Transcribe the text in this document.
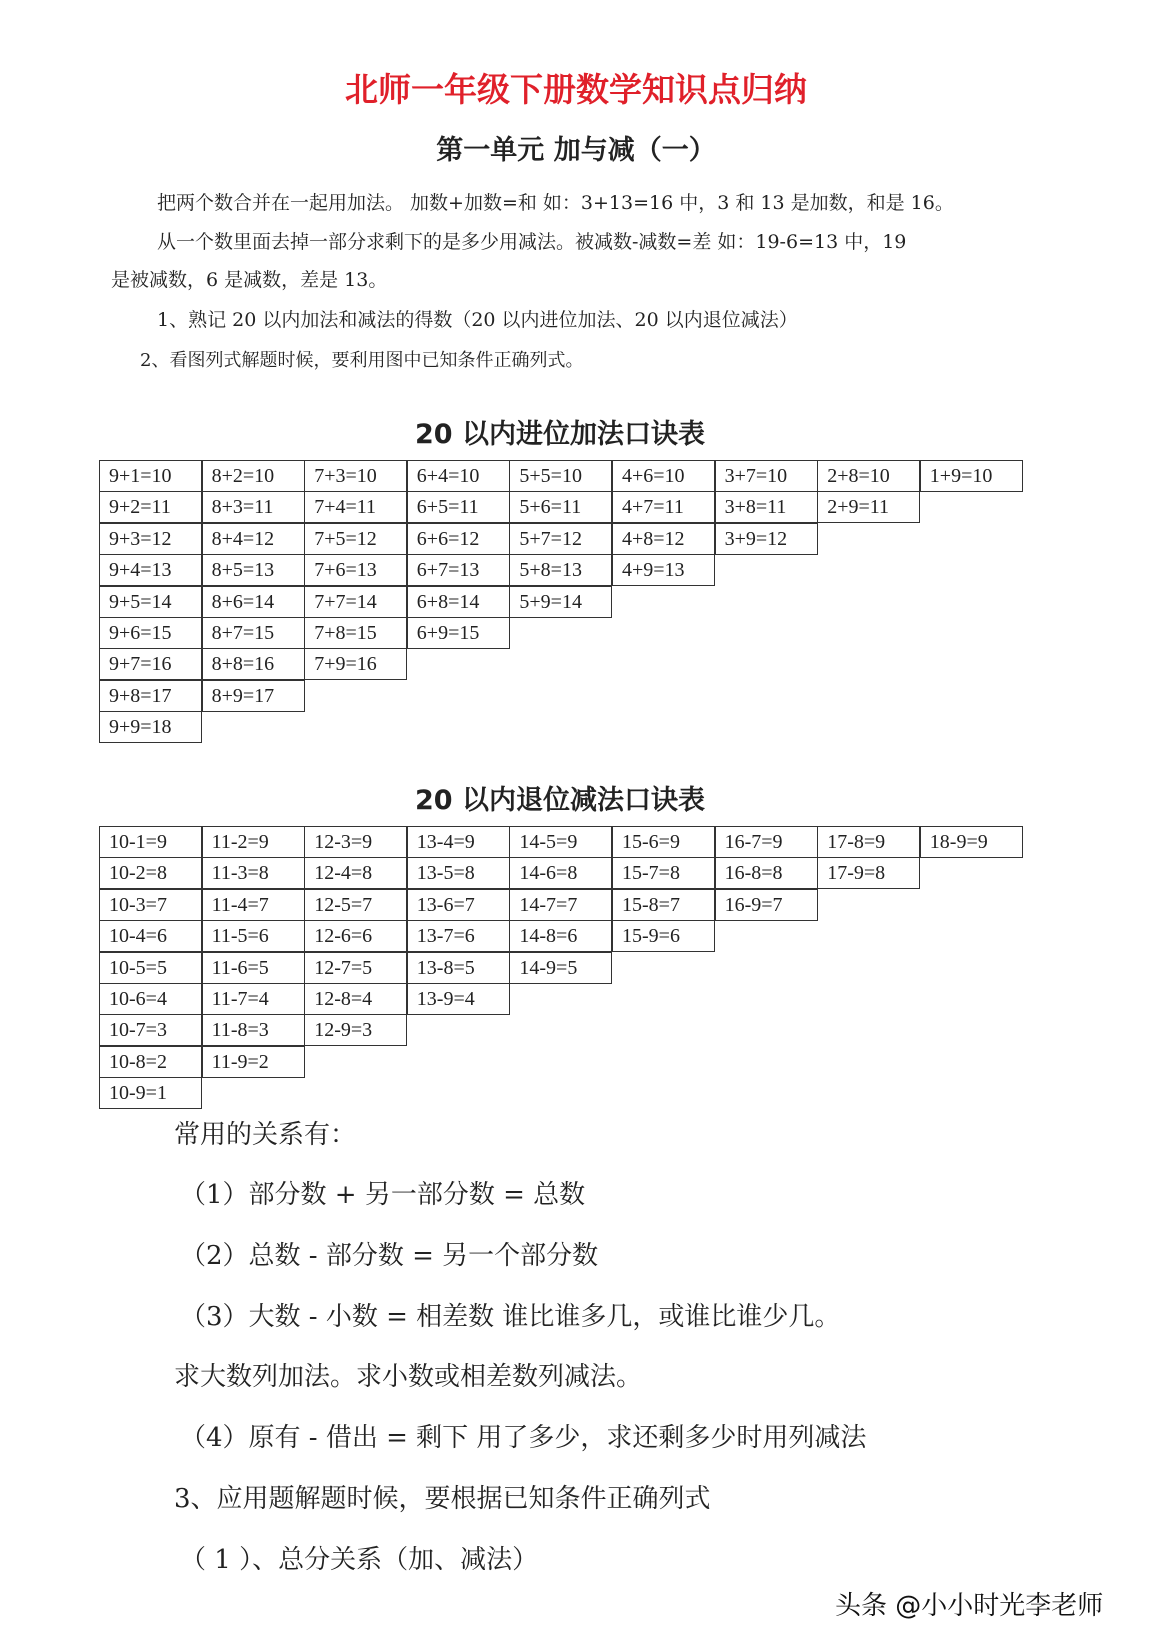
北师一年级下册数学知识点归纳
第一单元 加与减（一）
把两个数合并在一起用加法。 加数+加数=和 如：3+13=16 中，3 和 13 是加数，和是 16。
从一个数里面去掉一部分求剩下的是多少用减法。被减数-减数=差 如：19-6=13 中，19
是被减数，6 是减数，差是 13。
1、熟记 20 以内加法和减法的得数（20 以内进位加法、20 以内退位减法）
2、看图列式解题时候，要利用图中已知条件正确列式。
20 以内进位加法口诀表
9+1=10	8+2=10	7+3=10	6+4=10	5+5=10	4+6=10	3+7=10	2+8=10	1+9=10
9+2=11	8+3=11	7+4=11	6+5=11	5+6=11	4+7=11	3+8=11	2+9=11
9+3=12	8+4=12	7+5=12	6+6=12	5+7=12	4+8=12	3+9=12
9+4=13	8+5=13	7+6=13	6+7=13	5+8=13	4+9=13
9+5=14	8+6=14	7+7=14	6+8=14	5+9=14
9+6=15	8+7=15	7+8=15	6+9=15
9+7=16	8+8=16	7+9=16
9+8=17	8+9=17
9+9=18
20 以内退位减法口诀表
10-1=9	11-2=9	12-3=9	13-4=9	14-5=9	15-6=9	16-7=9	17-8=9	18-9=9
10-2=8	11-3=8	12-4=8	13-5=8	14-6=8	15-7=8	16-8=8	17-9=8
10-3=7	11-4=7	12-5=7	13-6=7	14-7=7	15-8=7	16-9=7
10-4=6	11-5=6	12-6=6	13-7=6	14-8=6	15-9=6
10-5=5	11-6=5	12-7=5	13-8=5	14-9=5
10-6=4	11-7=4	12-8=4	13-9=4
10-7=3	11-8=3	12-9=3
10-8=2	11-9=2
10-9=1
常用的关系有：
（1）部分数 + 另一部分数 = 总数
（2）总数 - 部分数 = 另一个部分数
（3）大数 - 小数 = 相差数 谁比谁多几，或谁比谁少几。
求大数列加法。求小数或相差数列减法。
（4）原有 - 借出 = 剩下 用了多少，求还剩多少时用列减法
3、应用题解题时候，要根据已知条件正确列式
（ 1 ）、总分关系（加、减法）
头条 @小小时光李老师
